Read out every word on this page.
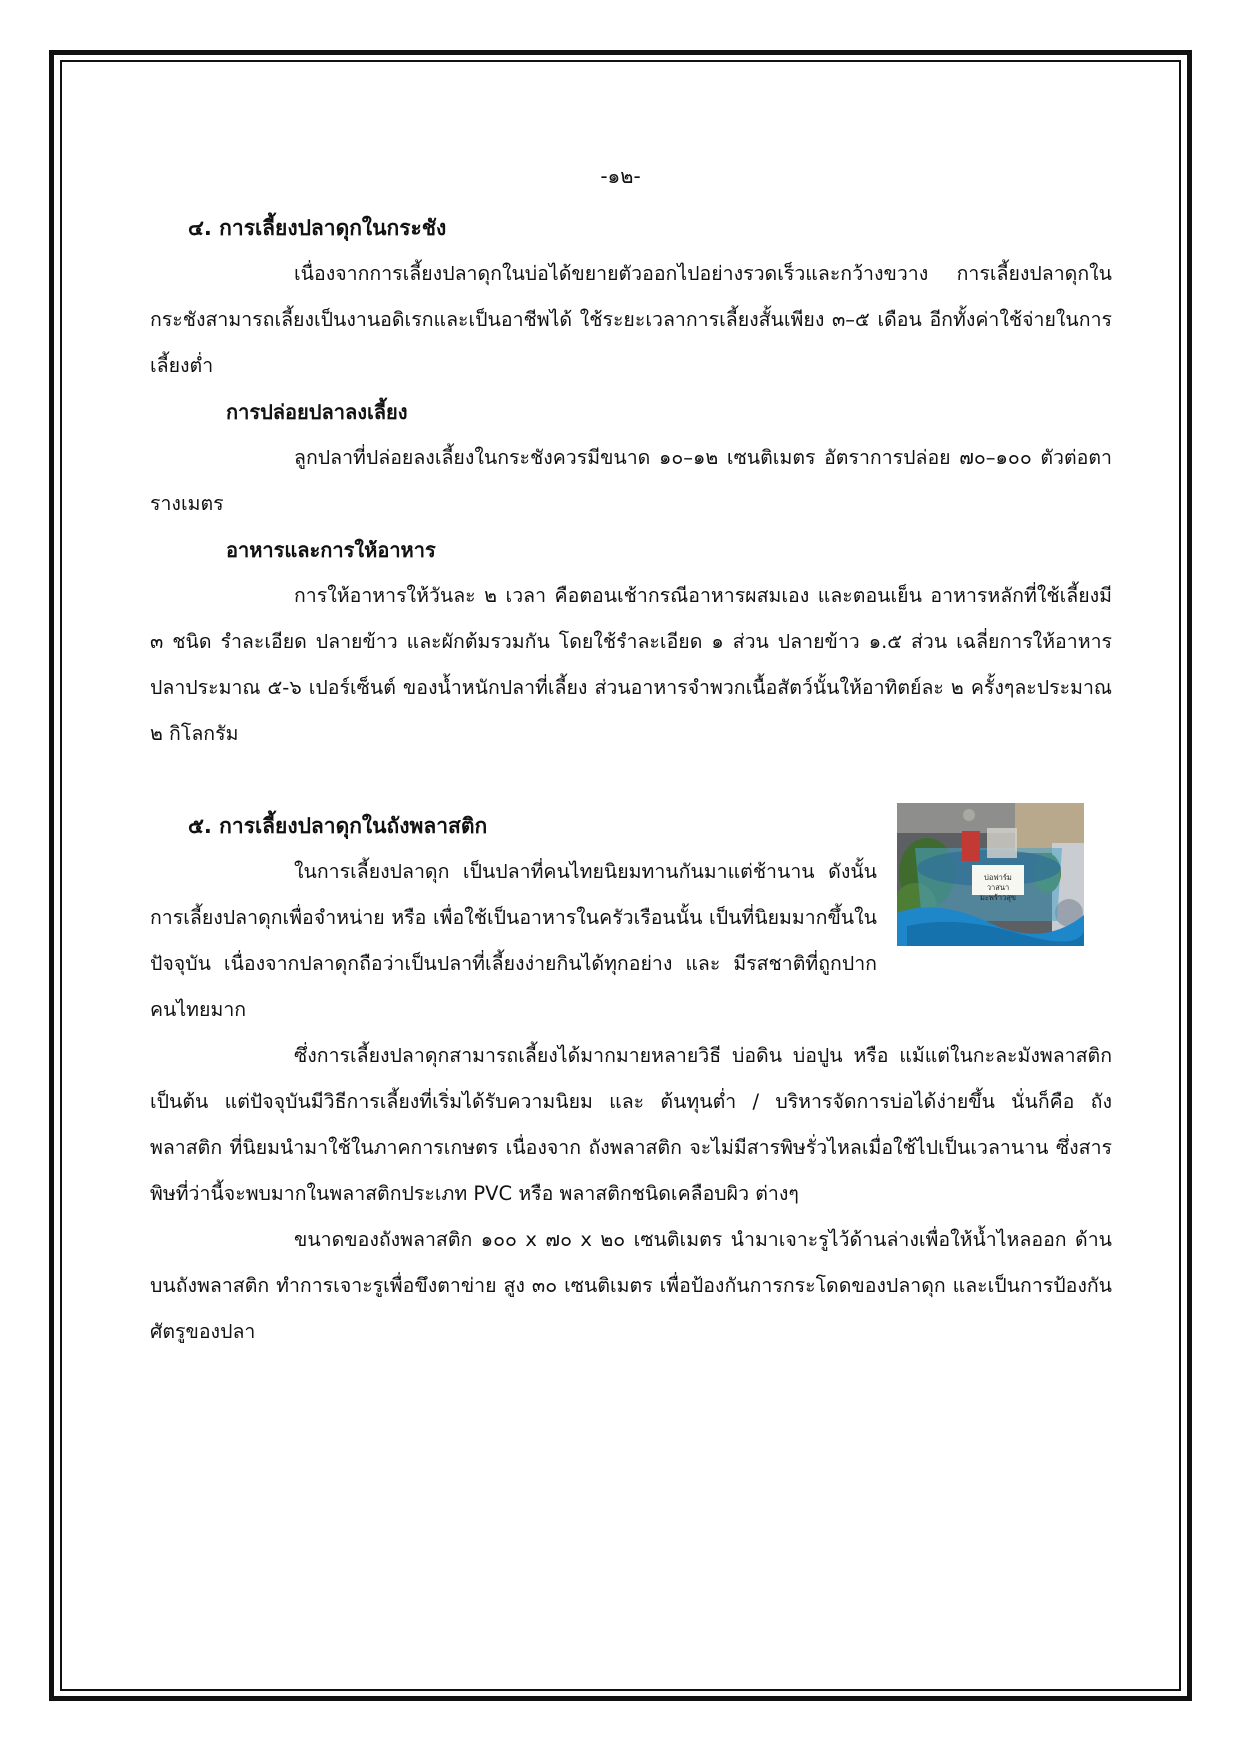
-๑๒-
๔. การเลี้ยงปลาดุกในกระชัง

เนื่องจากการเลี้ยงปลาดุกในบ่อได้ขยายตัวออกไปอย่างรวดเร็วและกว้างขวาง การเลี้ยงปลาดุกในกระชังสามารถเลี้ยงเป็นงานอดิเรกและเป็นอาชีพได้ ใช้ระยะเวลาการเลี้ยงสั้นเพียง ๓–๕ เดือน อีกทั้งค่าใช้จ่ายในการเลี้ยงต่ำ

การปล่อยปลาลงเลี้ยง

ลูกปลาที่ปล่อยลงเลี้ยงในกระชังควรมีขนาด ๑๐–๑๒ เซนติเมตร อัตราการปล่อย ๗๐–๑๐๐ ตัวต่อตารางเมตร

อาหารและการให้อาหาร

การให้อาหารให้วันละ ๒ เวลา คือตอนเช้ากรณีอาหารผสมเอง และตอนเย็น อาหารหลักที่ใช้เลี้ยงมี ๓ ชนิด รำละเอียด ปลายข้าว และผักต้มรวมกัน โดยใช้รำละเอียด ๑ ส่วน ปลายข้าว ๑.๕ ส่วน เฉลี่ยการให้อาหารปลาประมาณ ๕-๖ เปอร์เซ็นต์ ของน้ำหนักปลาที่เลี้ยง ส่วนอาหารจำพวกเนื้อสัตว์นั้นให้อาทิตย์ละ ๒ ครั้งๆละประมาณ ๒ กิโลกรัม

บ่อฟาร์ม วาสนามะพร้าวสุข
๕. การเลี้ยงปลาดุกในถังพลาสติก

ในการเลี้ยงปลาดุก เป็นปลาที่คนไทยนิยมทานกันมาแต่ช้านาน ดังนั้น การเลี้ยงปลาดุกเพื่อจำหน่าย หรือ เพื่อใช้เป็นอาหารในครัวเรือนนั้น เป็นที่นิยมมากขึ้นในปัจจุบัน เนื่องจากปลาดุกถือว่าเป็นปลาที่เลี้ยงง่ายกินได้ทุกอย่าง และ มีรสชาติที่ถูกปากคนไทยมาก

ซึ่งการเลี้ยงปลาดุกสามารถเลี้ยงได้มากมายหลายวิธี บ่อดิน บ่อปูน หรือ แม้แต่ในกะละมังพลาสติก เป็นต้น แต่ปัจจุบันมีวิธีการเลี้ยงที่เริ่มได้รับความนิยม และ ต้นทุนต่ำ / บริหารจัดการบ่อได้ง่ายขึ้น นั่นก็คือ ถังพลาสติก ที่นิยมนำมาใช้ในภาคการเกษตร เนื่องจาก ถังพลาสติก จะไม่มีสารพิษรั่วไหลเมื่อใช้ไปเป็นเวลานาน ซึ่งสารพิษที่ว่านี้จะพบมากในพลาสติกประเภท PVC หรือ พลาสติกชนิดเคลือบผิว ต่างๆ

ขนาดของถังพลาสติก ๑๐๐ x ๗๐ x ๒๐ เซนติเมตร นำมาเจาะรูไว้ด้านล่างเพื่อให้น้ำไหลออก ด้านบนถังพลาสติก ทำการเจาะรูเพื่อขึงตาข่าย สูง ๓๐ เซนติเมตร เพื่อป้องกันการกระโดดของปลาดุก และเป็นการป้องกันศัตรูของปลา
